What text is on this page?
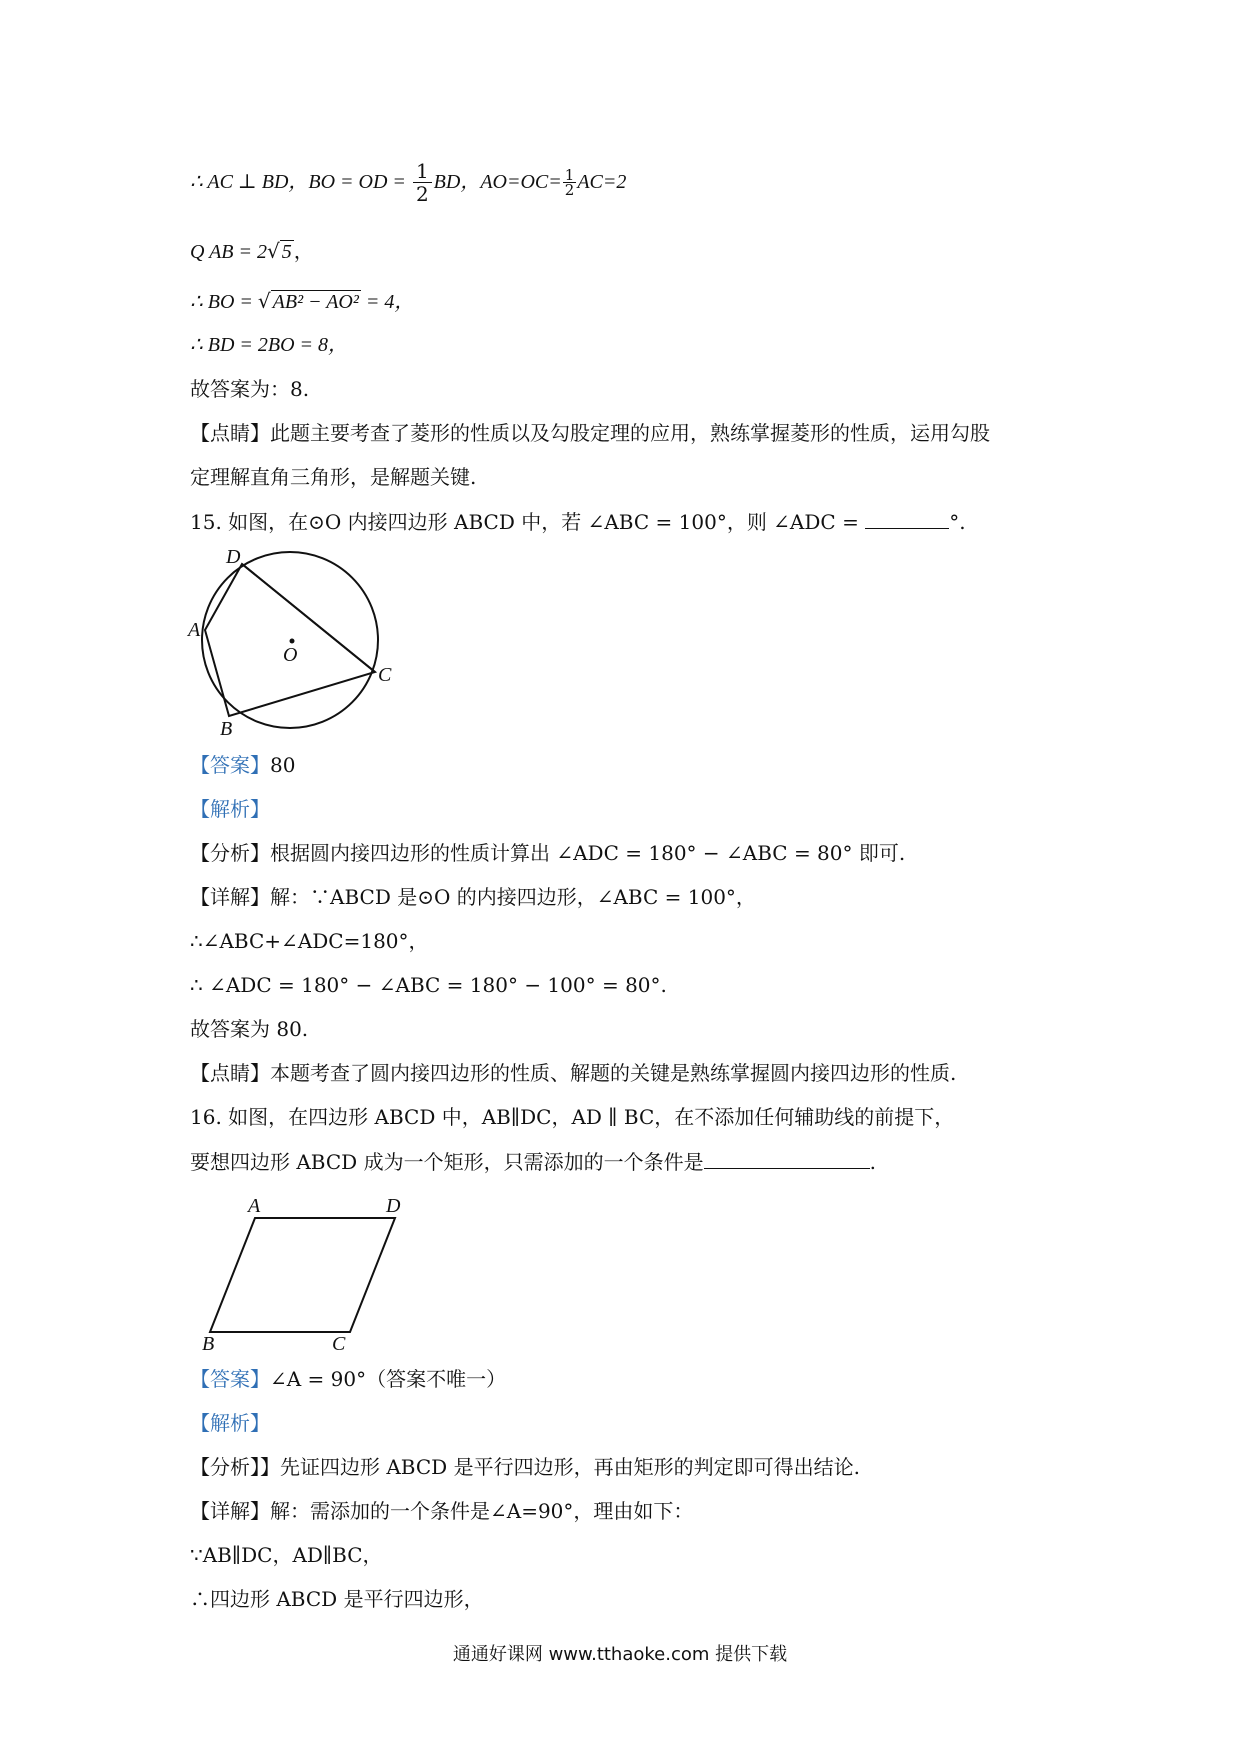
∴ AC ⊥ BD，BO = OD = $\frac{1}{2}$ BD，$AO=OC= \frac{1}{2} AC=2$
Q AB = 2√ 5 ，
∴ BO = √ AB² − AO² = 4，
∴ BD = 2BO = 8，
故答案为：8.
【点睛】此题主要考查了菱形的性质以及勾股定理的应用，熟练掌握菱形的性质，运用勾股
定理解直角三角形，是解题关键.
15. 如图，在⊙O 内接四边形 ABCD 中，若 ∠ABC = 100°，则 ∠ADC =	°.
D
A
O
C
B
【答案】80
【解析】
【分析】根据圆内接四边形的性质计算出 ∠ADC = 180° − ∠ABC = 80° 即可.
【详解】解：∵ABCD 是⊙O 的内接四边形，∠ABC = 100°，
∴∠ABC+∠ADC=180°，
∴ ∠ADC = 180° − ∠ABC = 180° − 100° = 80°.
故答案为 80.
【点睛】本题考查了圆内接四边形的性质、解题的关键是熟练掌握圆内接四边形的性质.
16. 如图，在四边形 ABCD 中，AB∥DC，AD ∥ BC，在不添加任何辅助线的前提下，
要想四边形 ABCD 成为一个矩形，只需添加的一个条件是	.
A	D
B	C
【答案】∠A = 90°（答案不唯一）
【解析】
【分析】】先证四边形 ABCD 是平行四边形，再由矩形的判定即可得出结论.
【详解】解：需添加的一个条件是∠A=90°，理由如下：
∵AB∥DC，AD∥BC，
∴四边形 ABCD 是平行四边形，
通通好课网 www.tthaoke.com 提供下载
